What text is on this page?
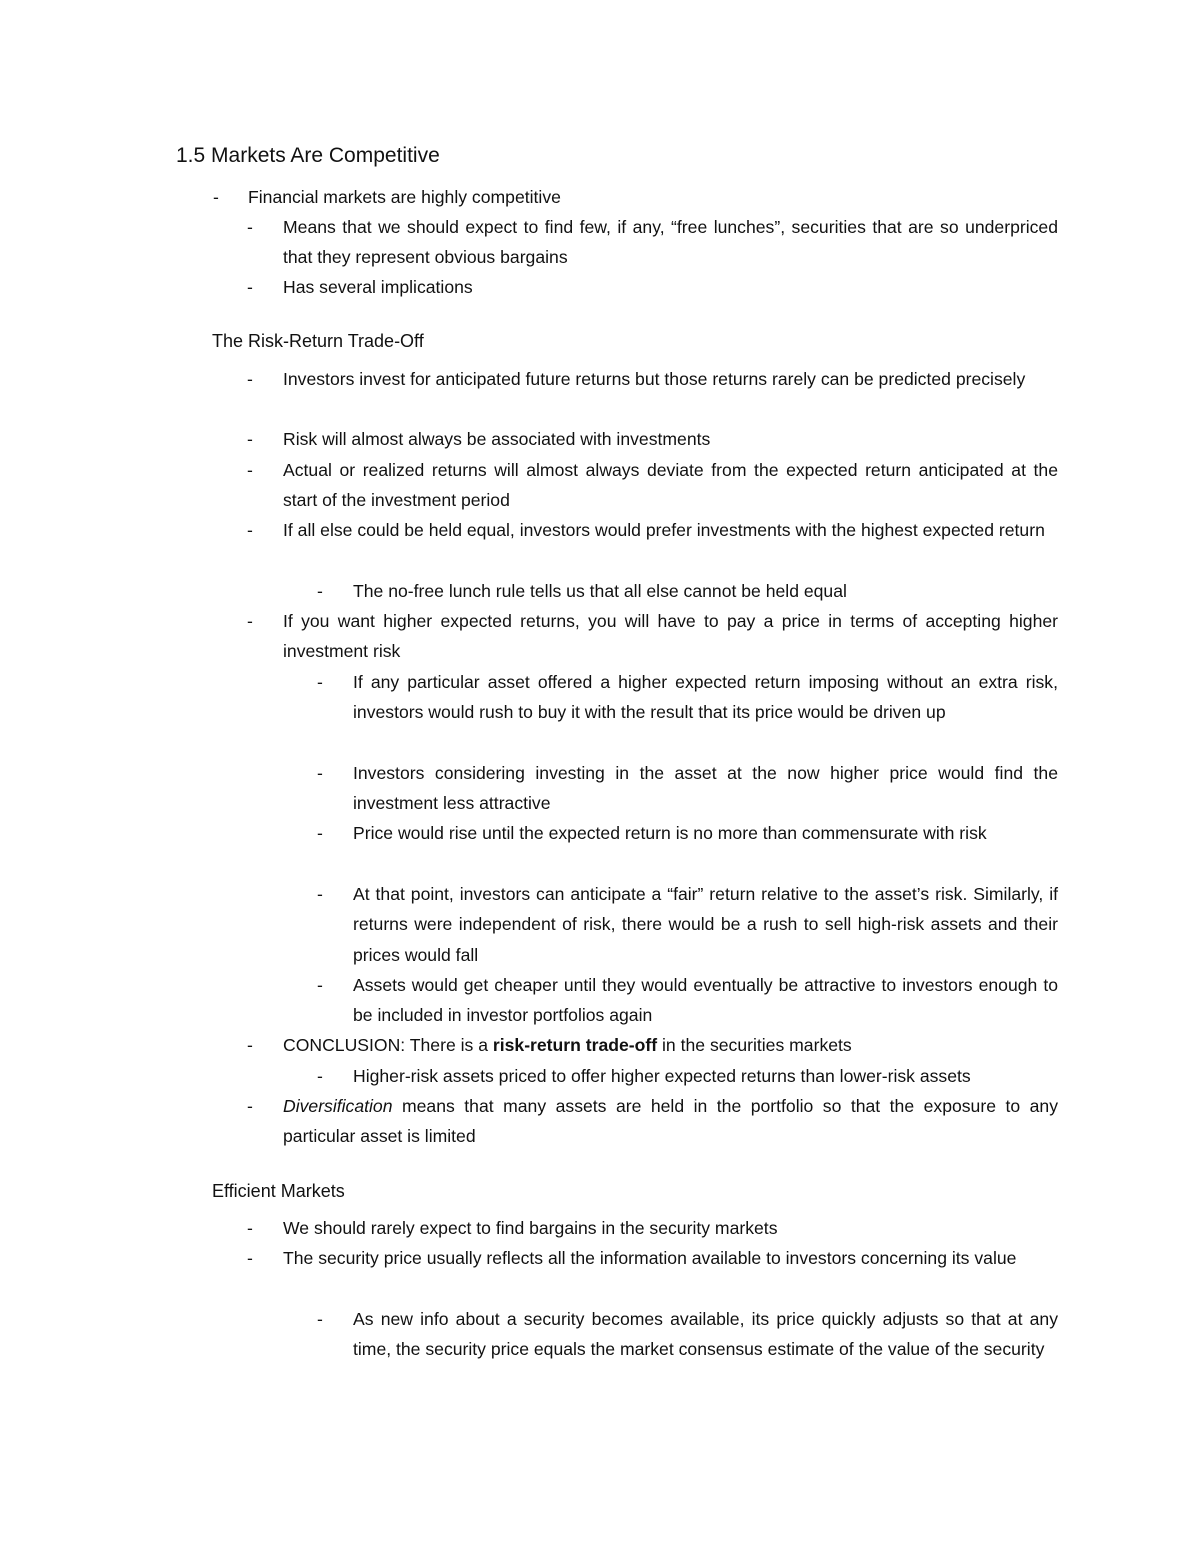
1.5 Markets Are Competitive
- Financial markets are highly competitive
- Means that we should expect to find few, if any, “free lunches”, securities that are so underpriced that they represent obvious bargains
- Has several implications
The Risk-Return Trade-Off
- Investors invest for anticipated future returns but those returns rarely can be predicted precisely
- Risk will almost always be associated with investments
- Actual or realized returns will almost always deviate from the expected return anticipated at the start of the investment period
- If all else could be held equal, investors would prefer investments with the highest expected return
- The no-free lunch rule tells us that all else cannot be held equal
- If you want higher expected returns, you will have to pay a price in terms of accepting higher investment risk
- If any particular asset offered a higher expected return imposing without an extra risk, investors would rush to buy it with the result that its price would be driven up
- Investors considering investing in the asset at the now higher price would find the investment less attractive
- Price would rise until the expected return is no more than commensurate with risk
- At that point, investors can anticipate a “fair” return relative to the asset’s risk. Similarly, if returns were independent of risk, there would be a rush to sell high-risk assets and their prices would fall
- Assets would get cheaper until they would eventually be attractive to investors enough to be included in investor portfolios again
- CONCLUSION: There is a risk-return trade-off in the securities markets
- Higher-risk assets priced to offer higher expected returns than lower-risk assets
- Diversification means that many assets are held in the portfolio so that the exposure to any particular asset is limited
Efficient Markets
- We should rarely expect to find bargains in the security markets
- The security price usually reflects all the information available to investors concerning its value
- As new info about a security becomes available, its price quickly adjusts so that at any time, the security price equals the market consensus estimate of the value of the security
